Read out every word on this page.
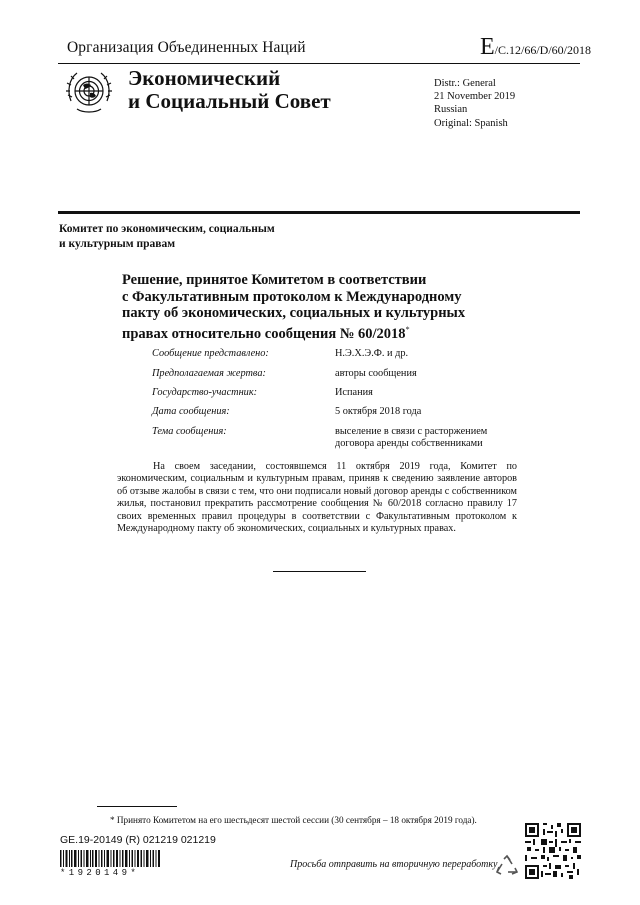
Организация Объединенных Наций	E/C.12/66/D/60/2018
Экономический
и Социальный Совет
Distr.: General
21 November 2019
Russian
Original: Spanish
Комитет по экономическим, социальным
и культурным правам
Решение, принятое Комитетом в соответствии
с Факультативным протоколом к Международному
пакту об экономических, социальных и культурных
правах относительно сообщения № 60/2018*
Сообщение представлено:	Н.Э.Х.Э.Ф. и др.
Предполагаемая жертва:	авторы сообщения
Государство-участник:	Испания
Дата сообщения:	5 октября 2018 года
Тема сообщения:	выселение в связи с расторжением договора аренды собственниками
На своем заседании, состоявшемся 11 октября 2019 года, Комитет по экономическим, социальным и культурным правам, приняв к сведению заявление авторов об отзыве жалобы в связи с тем, что они подписали новый договор аренды с собственником жилья, постановил прекратить рассмотрение сообщения № 60/2018 согласно правилу 17 своих временных правил процедуры в соответствии с Факультативным протоколом к Международному пакту об экономических, социальных и культурных правах.
* Принято Комитетом на его шестьдесят шестой сессии (30 сентября – 18 октября 2019 года).
GE.19-20149 (R) 021219 021219
*1920149*
Просьба отправить на вторичную переработку
